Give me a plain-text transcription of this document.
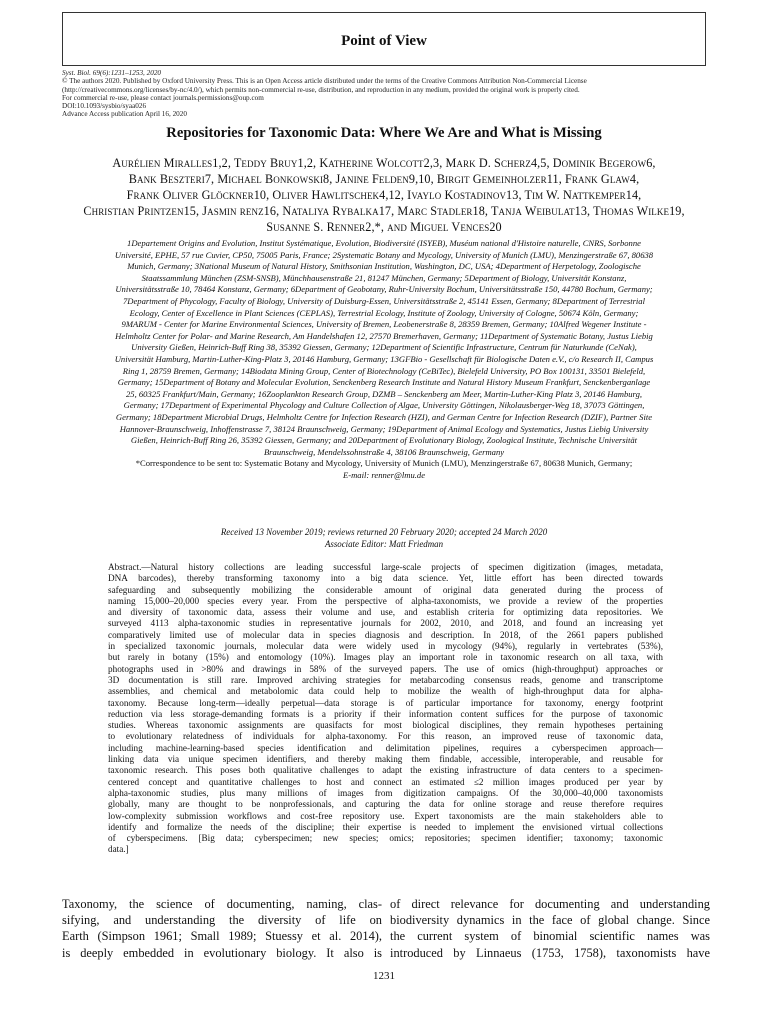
Point of View
Syst. Biol. 69(6):1231–1253, 2020
© The authors 2020. Published by Oxford University Press. This is an Open Access article distributed under the terms of the Creative Commons Attribution Non-Commercial License
(http://creativecommons.org/licenses/by-nc/4.0/), which permits non-commercial re-use, distribution, and reproduction in any medium, provided the original work is properly cited.
For commercial re-use, please contact journals.permissions@oup.com
DOI:10.1093/sysbio/syaa026
Advance Access publication April 16, 2020
Repositories for Taxonomic Data: Where We Are and What is Missing
Aurélien Miralles1,2, Teddy Bruy1,2, Katherine Wolcott2,3, Mark D. Scherz4,5, Dominik Begerow6,
Bank Beszteri7, Michael Bonkowski8, Janine Felden9,10, Birgit Gemeinholzer11, Frank Glaw4,
Frank Oliver Glöckner10, Oliver Hawlitschek4,12, Ivaylo Kostadinov13, Tim W. Nattkemper14,
Christian Printzen15, Jasmin renz16, Nataliya Rybalka17, Marc Stadler18, Tanja Weibulat13, Thomas Wilke19,
Susanne S. Renner2,*, and Miguel Vences20
1Departement Origins and Evolution, Institut Systématique, Evolution, Biodiversité (ISYEB), Muséum national d'Histoire naturelle, CNRS, Sorbonne
Université, EPHE, 57 rue Cuvier, CP50, 75005 Paris, France; 2Systematic Botany and Mycology, University of Munich (LMU), Menzingerstraße 67, 80638
Munich, Germany; 3National Museum of Natural History, Smithsonian Institution, Washington, DC, USA; 4Department of Herpetology, Zoologische
Staatssammlung München (ZSM-SNSB), Münchhausenstraße 21, 81247 München, Germany; 5Department of Biology, Universität Konstanz,
Universitätsstraße 10, 78464 Konstanz, Germany; 6Department of Geobotany, Ruhr-University Bochum, Universitätsstraße 150, 44780 Bochum, Germany;
7Department of Phycology, Faculty of Biology, University of Duisburg-Essen, Universitätsstraße 2, 45141 Essen, Germany; 8Department of Terrestrial
Ecology, Center of Excellence in Plant Sciences (CEPLAS), Terrestrial Ecology, Institute of Zoology, University of Cologne, 50674 Köln, Germany;
9MARUM - Center for Marine Environmental Sciences, University of Bremen, Leobenerstraße 8, 28359 Bremen, Germany; 10Alfred Wegener Institute -
Helmholtz Center for Polar- and Marine Research, Am Handelshafen 12, 27570 Bremerhaven, Germany; 11Department of Systematic Botany, Justus Liebig
University Gießen, Heinrich-Buff Ring 38, 35392 Giessen, Germany; 12Department of Scientific Infrastructure, Centrum für Naturkunde (CeNak),
Universität Hamburg, Martin-Luther-King-Platz 3, 20146 Hamburg, Germany; 13GFBio - Gesellschaft für Biologische Daten e.V., c/o Research II, Campus
Ring 1, 28759 Bremen, Germany; 14Biodata Mining Group, Center of Biotechnology (CeBiTec), Bielefeld University, PO Box 100131, 33501 Bielefeld,
Germany; 15Department of Botany and Molecular Evolution, Senckenberg Research Institute and Natural History Museum Frankfurt, Senckenberganlage
25, 60325 Frankfurt/Main, Germany; 16Zooplankton Research Group, DZMB – Senckenberg am Meer, Martin-Luther-King Platz 3, 20146 Hamburg,
Germany; 17Department of Experimental Phycology and Culture Collection of Algae, University Göttingen, Nikolausberger-Weg 18, 37073 Göttingen,
Germany; 18Department Microbial Drugs, Helmholtz Centre for Infection Research (HZI), and German Centre for Infection Research (DZIF), Partner Site
Hannover-Braunschweig, Inhoffenstrasse 7, 38124 Braunschweig, Germany; 19Department of Animal Ecology and Systematics, Justus Liebig University
Gießen, Heinrich-Buff Ring 26, 35392 Giessen, Germany; and 20Department of Evolutionary Biology, Zoological Institute, Technische Universität
Braunschweig, Mendelssohnstraße 4, 38106 Braunschweig, Germany
*Correspondence to be sent to: Systematic Botany and Mycology, University of Munich (LMU), Menzingerstraße 67, 80638 Munich, Germany;
E-mail: renner@lmu.de
Received 13 November 2019; reviews returned 20 February 2020; accepted 24 March 2020
Associate Editor: Matt Friedman
Abstract.—Natural history collections are leading successful large-scale projects of specimen digitization (images, metadata,
DNA barcodes), thereby transforming taxonomy into a big data science. Yet, little effort has been directed towards
safeguarding and subsequently mobilizing the considerable amount of original data generated during the process of
naming 15,000–20,000 species every year. From the perspective of alpha-taxonomists, we provide a review of the properties
and diversity of taxonomic data, assess their volume and use, and establish criteria for optimizing data repositories. We
surveyed 4113 alpha-taxonomic studies in representative journals for 2002, 2010, and 2018, and found an increasing yet
comparatively limited use of molecular data in species diagnosis and description. In 2018, of the 2661 papers published
in specialized taxonomic journals, molecular data were widely used in mycology (94%), regularly in vertebrates (53%),
but rarely in botany (15%) and entomology (10%). Images play an important role in taxonomic research on all taxa, with
photographs used in >80% and drawings in 58% of the surveyed papers. The use of omics (high-throughput) approaches or
3D documentation is still rare. Improved archiving strategies for metabarcoding consensus reads, genome and transcriptome
assemblies, and chemical and metabolomic data could help to mobilize the wealth of high-throughput data for alpha-
taxonomy. Because long-term—ideally perpetual—data storage is of particular importance for taxonomy, energy footprint
reduction via less storage-demanding formats is a priority if their information content suffices for the purpose of taxonomic
studies. Whereas taxonomic assignments are quasifacts for most biological disciplines, they remain hypotheses pertaining
to evolutionary relatedness of individuals for alpha-taxonomy. For this reason, an improved reuse of taxonomic data,
including machine-learning-based species identification and delimitation pipelines, requires a cyberspecimen approach—
linking data via unique specimen identifiers, and thereby making them findable, accessible, interoperable, and reusable for
taxonomic research. This poses both qualitative challenges to adapt the existing infrastructure of data centers to a specimen-
centered concept and quantitative challenges to host and connect an estimated ≤2 million images produced per year by
alpha-taxonomic studies, plus many millions of images from digitization campaigns. Of the 30,000–40,000 taxonomists
globally, many are thought to be nonprofessionals, and capturing the data for online storage and reuse therefore requires
low-complexity submission workflows and cost-free repository use. Expert taxonomists are the main stakeholders able to
identify and formalize the needs of the discipline; their expertise is needed to implement the envisioned virtual collections
of cyberspecimens. [Big data; cyberspecimen; new species; omics; repositories; specimen identifier; taxonomy; taxonomic
data.]
Taxonomy, the science of documenting, naming, clas-
sifying, and understanding the diversity of life on
Earth (Simpson 1961; Small 1989; Stuessy et al. 2014),
is deeply embedded in evolutionary biology. It also is
of direct relevance for documenting and understanding
biodiversity dynamics in the face of global change. Since
the current system of binomial scientific names was
introduced by Linnaeus (1753, 1758), taxonomists have
1231
